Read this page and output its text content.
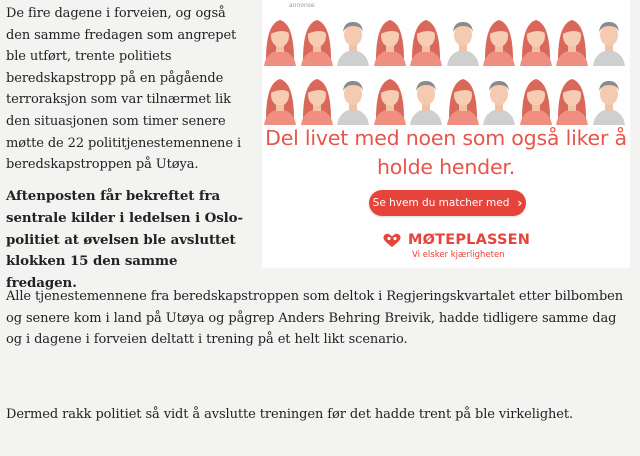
De fire dagene i forveien, og også den samme fredagen som angrepet ble utført, trente politiets beredskapstropp på en pågående terroraksjon som var tilnærmet lik den situasjonen som timer senere møtte de 22 polititjenestemennene i beredskapstroppen på Utøya.

Aftenposten får bekreftet fra sentrale kilder i ledelsen i Oslo-politiet at øvelsen ble avsluttet klokken 15 den samme fredagen.

Alle tjenestemennene fra beredskapstroppen som deltok i Regjeringskvartalet etter bilbomben og senere kom i land på Utøya og pågrep Anders Behring Breivik, hadde tidligere samme dag og i dagene i forveien deltatt i trening på et helt likt scenario.

Dermed rakk politiet så vidt å avslutte treningen før det hadde trent på ble virkelighet.

annonse
Del livet med noen som også liker å holde hender.
Se hvem du matcher med ›
MØTEPLASSEN
Vi elsker kjærligheten
